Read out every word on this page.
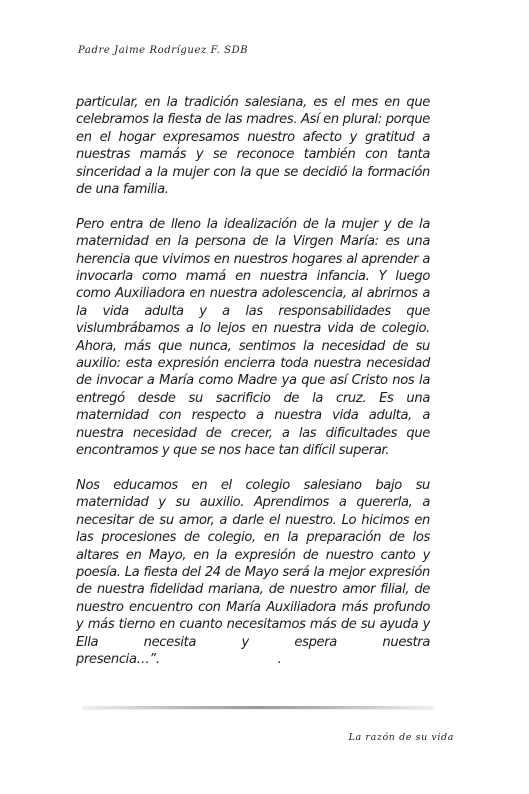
Padre Jaime Rodríguez F. SDB

particular, en la tradición salesiana, es el mes en que celebramos la fiesta de las madres. Así en plural: porque en el hogar expresamos nuestro afecto y gratitud a nuestras mamás y se reconoce también con tanta sinceridad a la mujer con la que se decidió la formación de una familia.

Pero entra de lleno la idealización de la mujer y de la maternidad en la persona de la Virgen María: es una herencia que vivimos en nuestros hogares al aprender a invocarla como mamá en nuestra infancia. Y luego como Auxiliadora en nuestra adolescencia, al abrirnos a la vida adulta y a las responsabilidades que vislumbrábamos a lo lejos en nuestra vida de colegio. Ahora, más que nunca, sentimos la necesidad de su auxilio: esta expresión encierra toda nuestra necesidad de invocar a María como Madre ya que así Cristo nos la entregó desde su sacrificio de la cruz. Es una maternidad con respecto a nuestra vida adulta, a nuestra necesidad de crecer, a las dificultades que encontramos y que se nos hace tan difícil superar.

Nos educamos en el colegio salesiano bajo su maternidad y su auxilio. Aprendimos a quererla, a necesitar de su amor, a darle el nuestro. Lo hicimos en las procesiones de colegio, en la preparación de los altares en Mayo, en la expresión de nuestro canto y poesía. La fiesta del 24 de Mayo será la mejor expresión de nuestra fidelidad mariana, de nuestro amor filial, de nuestro encuentro con María Auxiliadora más profundo y más tierno en cuanto necesitamos más de su ayuda y Ella necesita y espera nuestra presencia…”.	.

La razón de su vida
